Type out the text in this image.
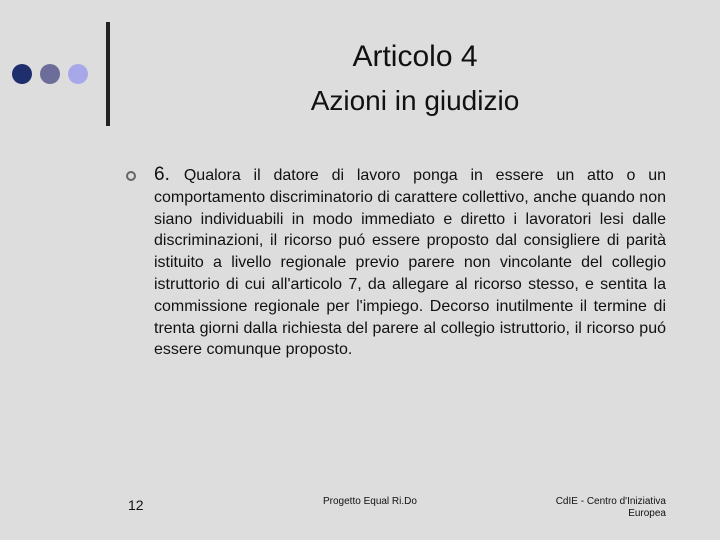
Articolo 4
Azioni in giudizio
6. Qualora il datore di lavoro ponga in essere un atto o un comportamento discriminatorio di carattere collettivo, anche quando non siano individuabili in modo immediato e diretto i lavoratori lesi dalle discriminazioni, il ricorso puó essere proposto dal consigliere di parità istituito a livello regionale previo parere non vincolante del collegio istruttorio di cui all'articolo 7, da allegare al ricorso stesso, e sentita la commissione regionale per l'impiego. Decorso inutilmente il termine di trenta giorni dalla richiesta del parere al collegio istruttorio, il ricorso puó essere comunque proposto.
12	Progetto Equal Ri.Do	CdIE - Centro d'Iniziativa
Europea
